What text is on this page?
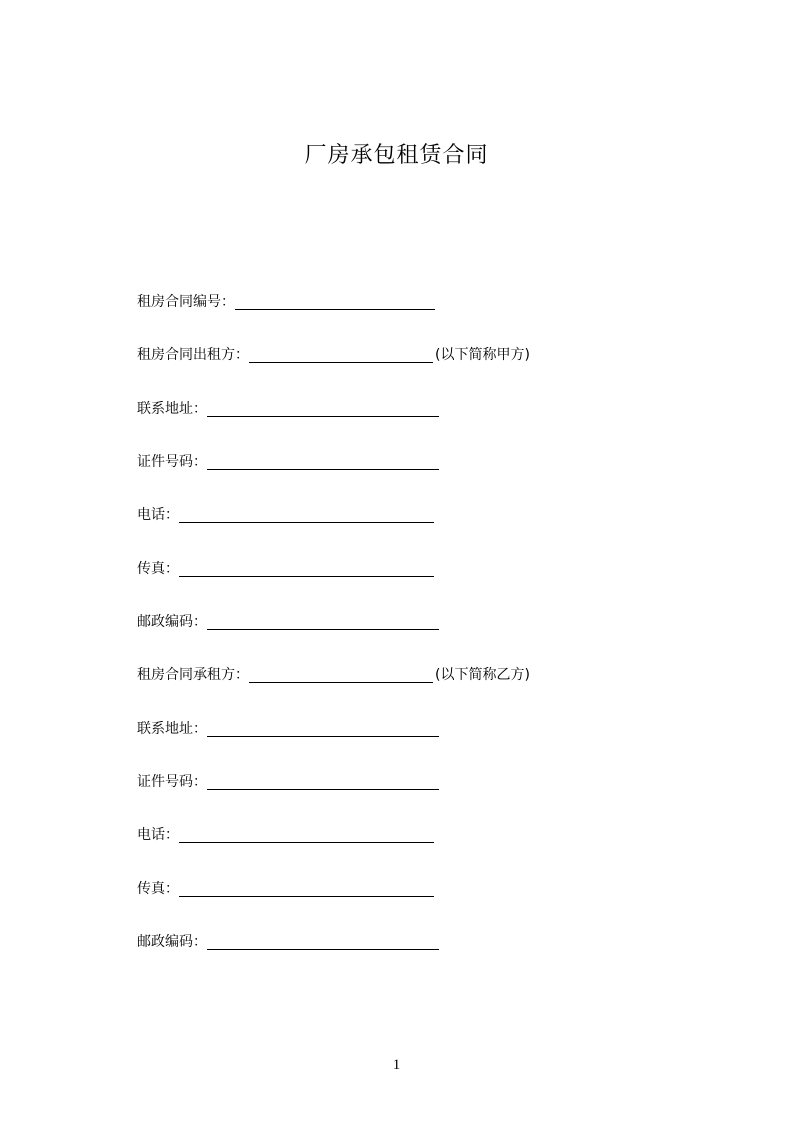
厂房承包租赁合同
租房合同编号：
租房合同出租方：	(以下简称甲方)
联系地址：
证件号码：
电话：
传真：
邮政编码：
租房合同承租方：	(以下简称乙方)
联系地址：
证件号码：
电话：
传真：
邮政编码：
1
